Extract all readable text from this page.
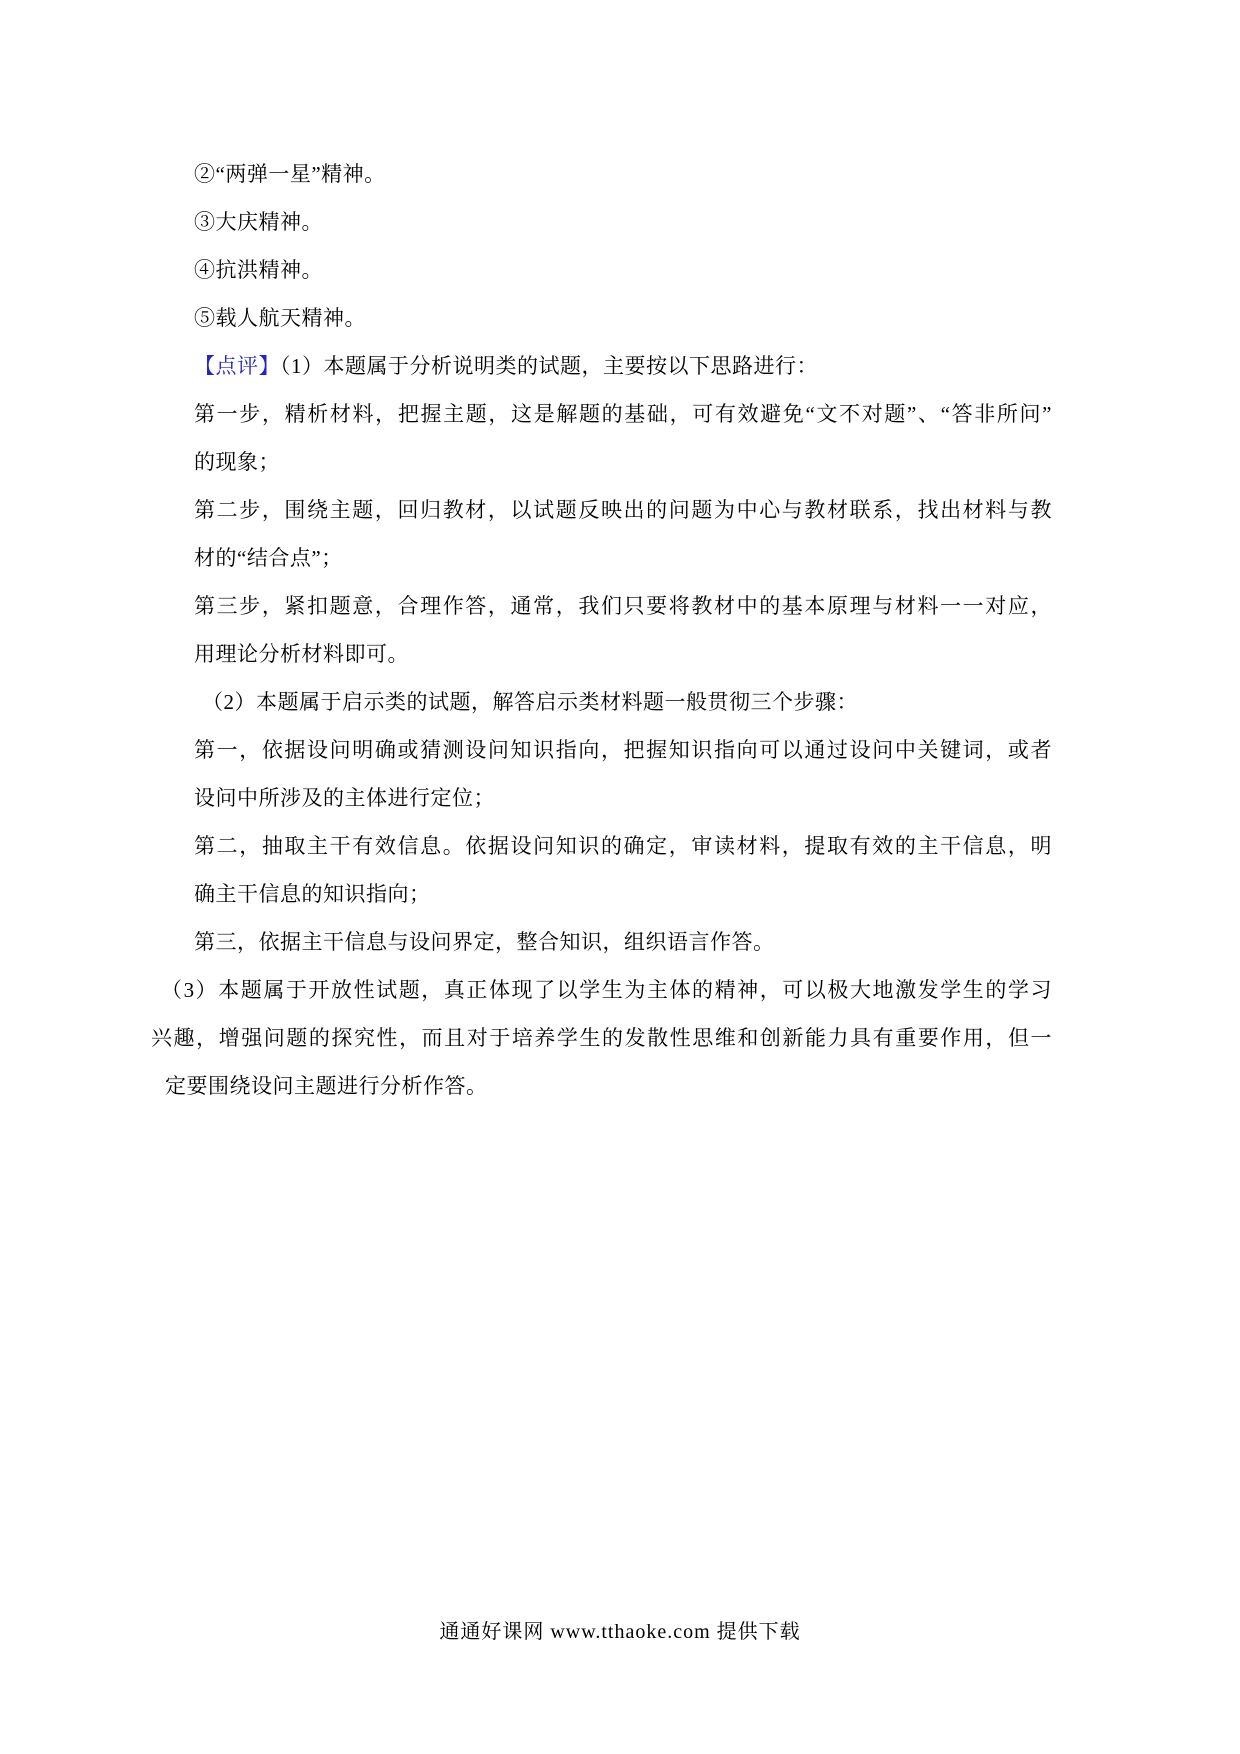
②“两弹一星”精神。
③大庆精神。
④抗洪精神。
⑤载人航天精神。
【点评】（1）本题属于分析说明类的试题，主要按以下思路进行：
第一步，精析材料，把握主题，这是解题的基础，可有效避免“文不对题”、“答非所问”
的现象；
第二步，围绕主题，回归教材，以试题反映出的问题为中心与教材联系，找出材料与教
材的“结合点”；
第三步，紧扣题意，合理作答，通常，我们只要将教材中的基本原理与材料一一对应，
用理论分析材料即可。
（2）本题属于启示类的试题，解答启示类材料题一般贯彻三个步骤：
第一，依据设问明确或猜测设问知识指向，把握知识指向可以通过设问中关键词，或者
设问中所涉及的主体进行定位；
第二，抽取主干有效信息。依据设问知识的确定，审读材料，提取有效的主干信息，明
确主干信息的知识指向；
第三，依据主干信息与设问界定，整合知识，组织语言作答。
（3）本题属于开放性试题，真正体现了以学生为主体的精神，可以极大地激发学生的学习
兴趣，增强问题的探究性，而且对于培养学生的发散性思维和创新能力具有重要作用，但一
定要围绕设问主题进行分析作答。
通通好课网 www.tthaoke.com 提供下载
